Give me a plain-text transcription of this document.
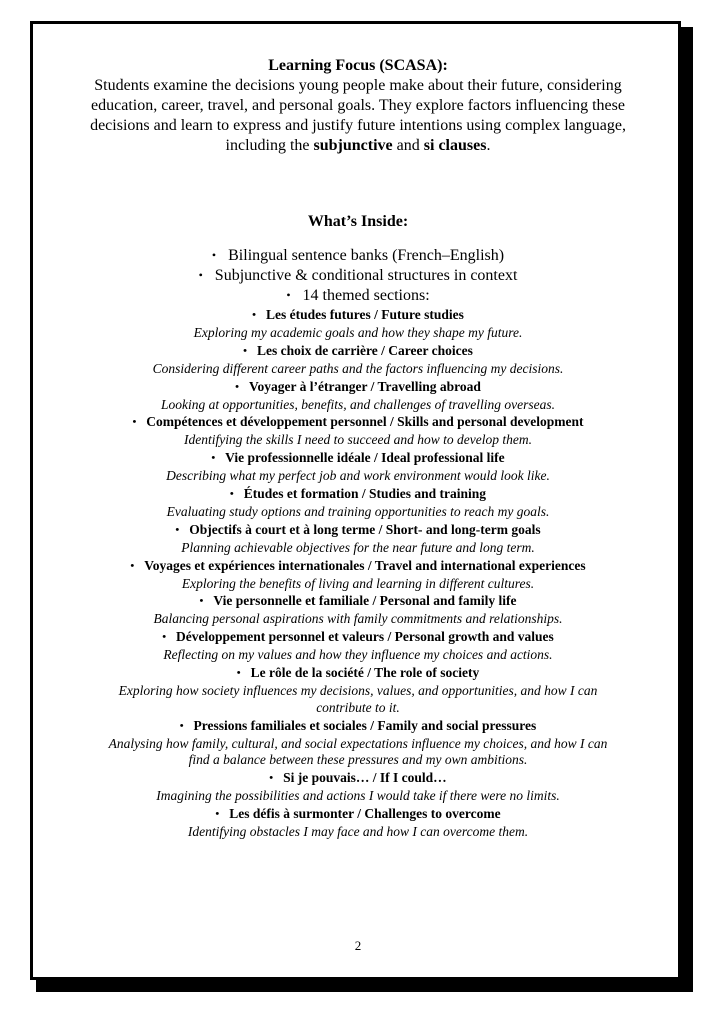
Learning Focus (SCASA):

Students examine the decisions young people make about their future, considering education, career, travel, and personal goals. They explore factors influencing these decisions and learn to express and justify future intentions using complex language, including the subjunctive and si clauses.

What’s Inside:

• Bilingual sentence banks (French–English)
• Subjunctive & conditional structures in context
• 14 themed sections:
• Les études futures / Future studies
Exploring my academic goals and how they shape my future.
• Les choix de carrière / Career choices
Considering different career paths and the factors influencing my decisions.
• Voyager à l’étranger / Travelling abroad
Looking at opportunities, benefits, and challenges of travelling overseas.
• Compétences et développement personnel / Skills and personal development
Identifying the skills I need to succeed and how to develop them.
• Vie professionnelle idéale / Ideal professional life
Describing what my perfect job and work environment would look like.
• Études et formation / Studies and training
Evaluating study options and training opportunities to reach my goals.
• Objectifs à court et à long terme / Short- and long-term goals
Planning achievable objectives for the near future and long term.
• Voyages et expériences internationales / Travel and international experiences
Exploring the benefits of living and learning in different cultures.
• Vie personnelle et familiale / Personal and family life
Balancing personal aspirations with family commitments and relationships.
• Développement personnel et valeurs / Personal growth and values
Reflecting on my values and how they influence my choices and actions.
• Le rôle de la société / The role of society
Exploring how society influences my decisions, values, and opportunities, and how I can contribute to it.
• Pressions familiales et sociales / Family and social pressures
Analysing how family, cultural, and social expectations influence my choices, and how I can find a balance between these pressures and my own ambitions.
• Si je pouvais… / If I could…
Imagining the possibilities and actions I would take if there were no limits.
• Les défis à surmonter / Challenges to overcome
Identifying obstacles I may face and how I can overcome them.
2
